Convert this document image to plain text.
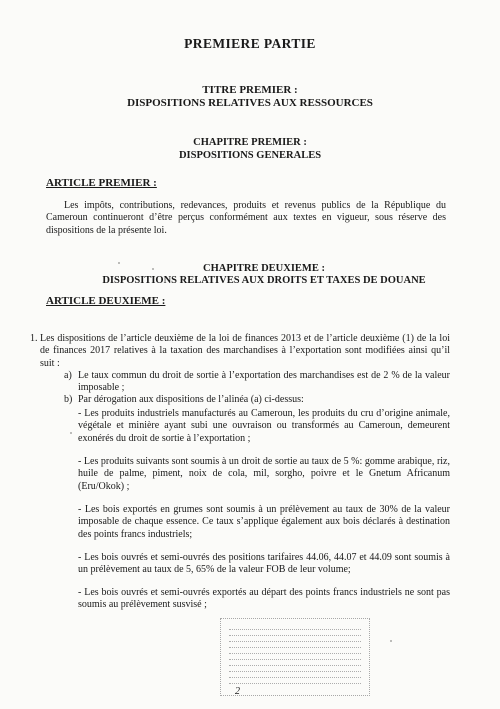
PREMIERE PARTIE
TITRE PREMIER :
DISPOSITIONS RELATIVES AUX RESSOURCES
CHAPITRE PREMIER :
DISPOSITIONS GENERALES
ARTICLE PREMIER :
Les impôts, contributions, redevances, produits et revenus publics de la République du Cameroun continueront d’être perçus conformément aux textes en vigueur, sous réserve des dispositions de la présente loi.
CHAPITRE DEUXIEME :
DISPOSITIONS RELATIVES AUX DROITS ET TAXES DE DOUANE
ARTICLE DEUXIEME :
1. Les dispositions de l’article deuxième de la loi de finances 2013 et de l’article deuxième (1) de la loi de finances 2017 relatives à la taxation des marchandises à l’exportation sont modifiées ainsi qu’il suit :
a) Le taux commun du droit de sortie à l’exportation des marchandises est de 2 % de la valeur imposable ;
b) Par dérogation aux dispositions de l’alinéa (a) ci-dessus:
- Les produits industriels manufacturés au Cameroun, les produits du cru d’origine animale, végétale et minière ayant subi une ouvraison ou transformés au Cameroun, demeurent exonérés du droit de sortie à l’exportation ;
- Les produits suivants sont soumis à un droit de sortie au taux de 5 %: gomme arabique, riz, huile de palme, piment, noix de cola, mil, sorgho, poivre et le Gnetum Africanum (Eru/Okok) ;
- Les bois exportés en grumes sont soumis à un prélèvement au taux de 30% de la valeur imposable de chaque essence. Ce taux s’applique également aux bois déclarés à destination des points francs industriels;
- Les bois ouvrés et semi-ouvrés des positions tarifaires 44.06, 44.07 et 44.09 sont soumis à un prélèvement au taux de 5, 65% de la valeur FOB de leur volume;
- Les bois ouvrés et semi-ouvrés exportés au départ des points francs industriels ne sont pas soumis au prélèvement susvisé ;
2
